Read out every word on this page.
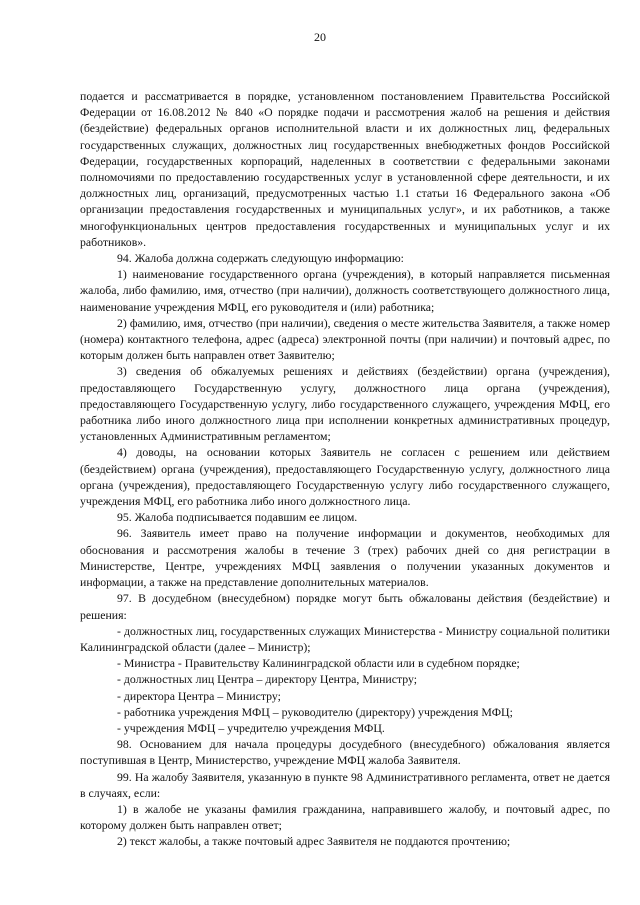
20

подается и рассматривается в порядке, установленном постановлением Правительства Российской Федерации от 16.08.2012 № 840 «О порядке подачи и рассмотрения жалоб на решения и действия (бездействие) федеральных органов исполнительной власти и их должностных лиц, федеральных государственных служащих, должностных лиц государственных внебюджетных фондов Российской Федерации, государственных корпораций, наделенных в соответствии с федеральными законами полномочиями по предоставлению государственных услуг в установленной сфере деятельности, и их должностных лиц, организаций, предусмотренных частью 1.1 статьи 16 Федерального закона «Об организации предоставления государственных и муниципальных услуг», и их работников, а также многофункциональных центров предоставления государственных и муниципальных услуг и их работников».

94. Жалоба должна содержать следующую информацию:

1) наименование государственного органа (учреждения), в который направляется письменная жалоба, либо фамилию, имя, отчество (при наличии), должность соответствующего должностного лица, наименование учреждения МФЦ, его руководителя и (или) работника;

2) фамилию, имя, отчество (при наличии), сведения о месте жительства Заявителя, а также номер (номера) контактного телефона, адрес (адреса) электронной почты (при наличии) и почтовый адрес, по которым должен быть направлен ответ Заявителю;

3) сведения об обжалуемых решениях и действиях (бездействии) органа (учреждения), предоставляющего Государственную услугу, должностного лица органа (учреждения), предоставляющего Государственную услугу, либо государственного служащего, учреждения МФЦ, его работника либо иного должностного лица при исполнении конкретных административных процедур, установленных Административным регламентом;

4) доводы, на основании которых Заявитель не согласен с решением или действием (бездействием) органа (учреждения), предоставляющего Государственную услугу, должностного лица органа (учреждения), предоставляющего Государственную услугу либо государственного служащего, учреждения МФЦ, его работника либо иного должностного лица.

95. Жалоба подписывается подавшим ее лицом.

96. Заявитель имеет право на получение информации и документов, необходимых для обоснования и рассмотрения жалобы в течение 3 (трех) рабочих дней со дня регистрации в Министерстве, Центре, учреждениях МФЦ заявления о получении указанных документов и информации, а также на представление дополнительных материалов.

97. В досудебном (внесудебном) порядке могут быть обжалованы действия (бездействие) и решения:

- должностных лиц, государственных служащих Министерства - Министру социальной политики Калининградской области (далее – Министр);

- Министра - Правительству Калининградской области или в судебном порядке;

- должностных лиц Центра – директору Центра, Министру;

- директора Центра – Министру;

- работника учреждения МФЦ – руководителю (директору) учреждения МФЦ;

- учреждения МФЦ – учредителю учреждения МФЦ.

98. Основанием для начала процедуры досудебного (внесудебного) обжалования является поступившая в Центр, Министерство, учреждение МФЦ жалоба Заявителя.

99. На жалобу Заявителя, указанную в пункте 98 Административного регламента, ответ не дается в случаях, если:

1) в жалобе не указаны фамилия гражданина, направившего жалобу, и почтовый адрес, по которому должен быть направлен ответ;

2) текст жалобы, а также почтовый адрес Заявителя не поддаются прочтению;
